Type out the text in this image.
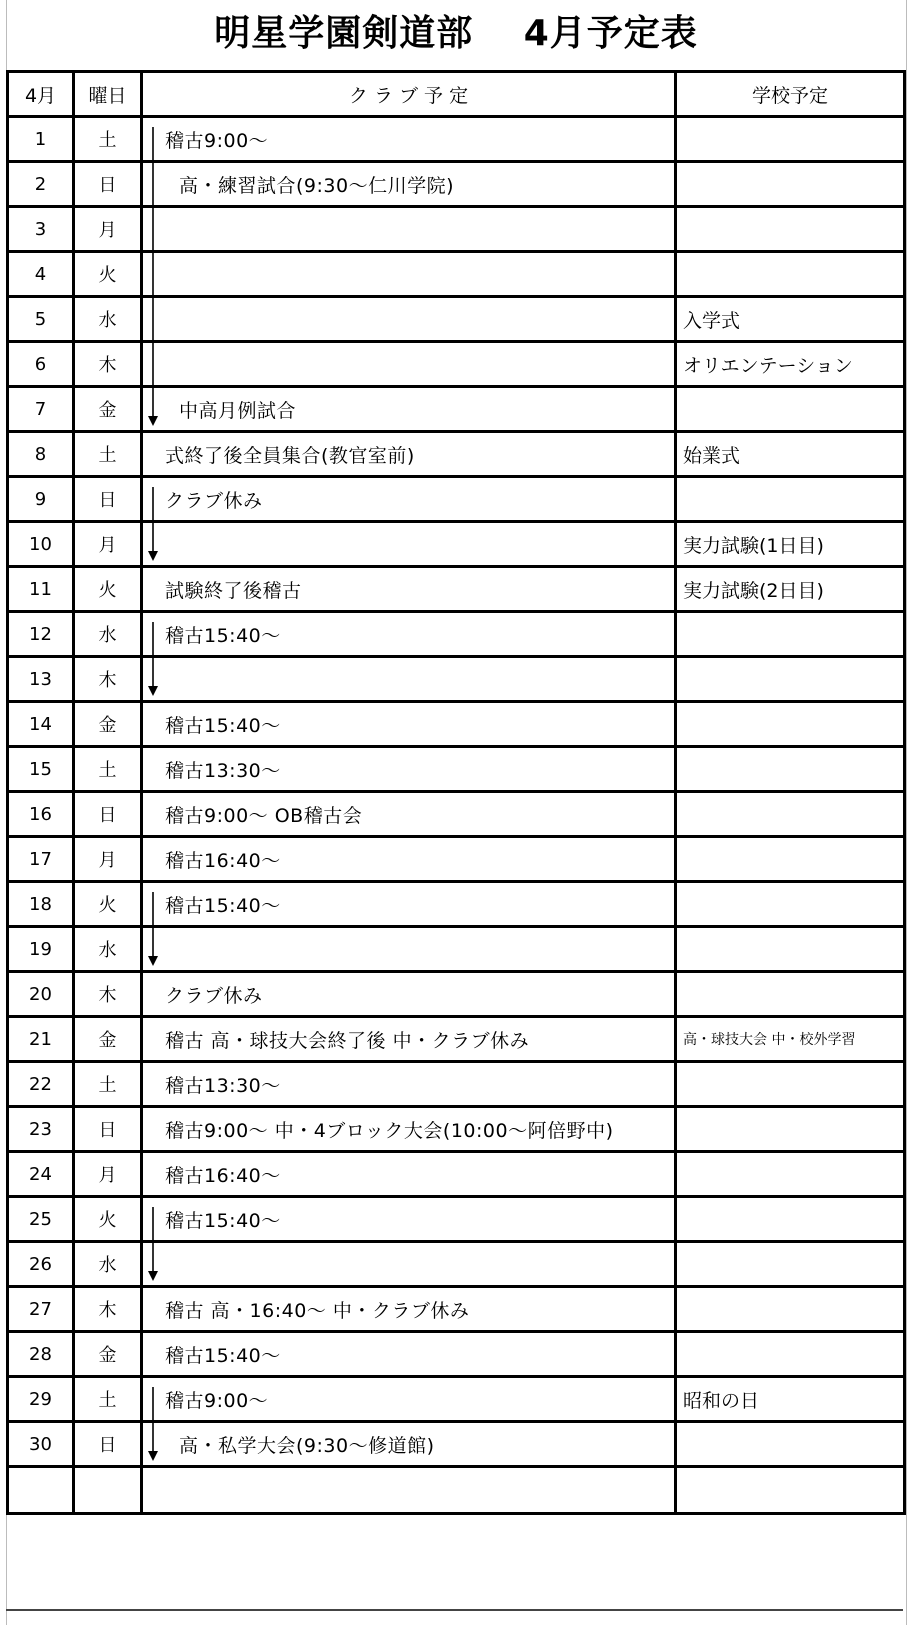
明星学園剣道部　 4月予定表
4月	曜日	ク ラ ブ 予 定	学校予定
1	土	稽古9:00～	
2	日	高・練習試合(9:30～仁川学院)	
3	月		
4	火		
5	水		入学式
6	木		オリエンテーション
7	金	中高月例試合	
8	土	式終了後全員集合(教官室前)	始業式
9	日	クラブ休み	
10	月		実力試験(1日目)
11	火	試験終了後稽古	実力試験(2日目)
12	水	稽古15:40～	
13	木		
14	金	稽古15:40～	
15	土	稽古13:30～	
16	日	稽古9:00～ OB稽古会	
17	月	稽古16:40～	
18	火	稽古15:40～	
19	水		
20	木	クラブ休み	
21	金	稽古 高・球技大会終了後 中・クラブ休み	高・球技大会 中・校外学習
22	土	稽古13:30～	
23	日	稽古9:00～ 中・4ブロック大会(10:00～阿倍野中)	
24	月	稽古16:40～	
25	火	稽古15:40～	
26	水		
27	木	稽古 高・16:40～ 中・クラブ休み	
28	金	稽古15:40～	
29	土	稽古9:00～	昭和の日
30	日	高・私学大会(9:30～修道館)	
